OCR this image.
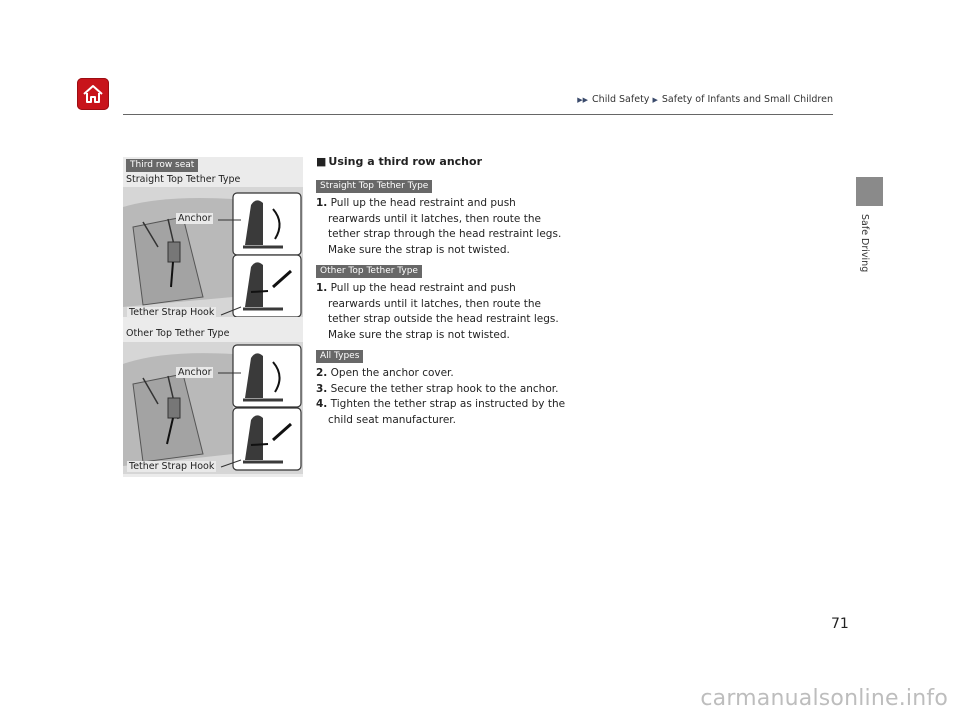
▶▶ Child Safety ▶ Safety of Infants and Small Children
Safe Driving
Third row seat
Straight Top Tether Type
Anchor
Tether Strap Hook
Other Top Tether Type
Anchor
Tether Strap Hook
■ Using a third row anchor
Straight Top Tether Type
1. Pull up the head restraint and push rearwards until it latches, then route the tether strap through the head restraint legs. Make sure the strap is not twisted.
Other Top Tether Type
1. Pull up the head restraint and push rearwards until it latches, then route the tether strap outside the head restraint legs. Make sure the strap is not twisted.
All Types
2. Open the anchor cover.
3. Secure the tether strap hook to the anchor.
4. Tighten the tether strap as instructed by the child seat manufacturer.
71
carmanualsonline.info
